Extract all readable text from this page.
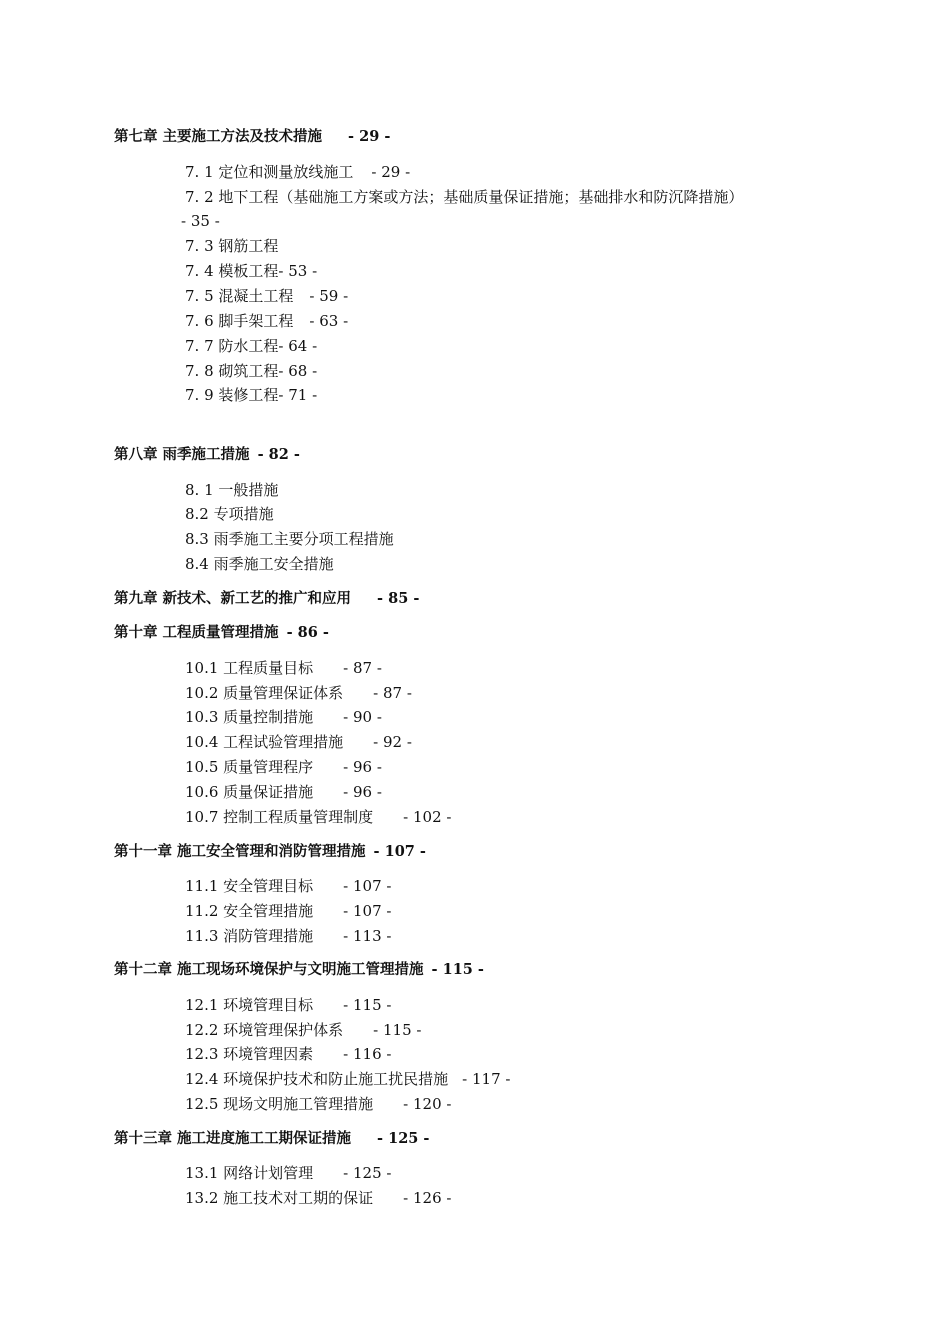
第七章 主要施工方法及技术措施 - 29 -
7. 1 定位和测量放线施工 - 29 -
7. 2 地下工程（基础施工方案或方法；基础质量保证措施；基础排水和防沉降措施）
- 35 -
7. 3 钢筋工程
7. 4 模板工程- 53 -
7. 5 混凝土工程 - 59 -
7. 6 脚手架工程 - 63 -
7. 7 防水工程- 64 -
7. 8 砌筑工程- 68 -
7. 9 装修工程- 71 -
第八章 雨季施工措施 - 82 -
8. 1 一般措施
8.2 专项措施
8.3 雨季施工主要分项工程措施
8.4 雨季施工安全措施
第九章 新技术、新工艺的推广和应用 - 85 -
第十章 工程质量管理措施 - 86 -
10.1 工程质量目标 - 87 -
10.2 质量管理保证体系 - 87 -
10.3 质量控制措施 - 90 -
10.4 工程试验管理措施 - 92 -
10.5 质量管理程序 - 96 -
10.6 质量保证措施 - 96 -
10.7 控制工程质量管理制度 - 102 -
第十一章 施工安全管理和消防管理措施 - 107 -
11.1 安全管理目标 - 107 -
11.2 安全管理措施 - 107 -
11.3 消防管理措施 - 113 -
第十二章 施工现场环境保护与文明施工管理措施 - 115 -
12.1 环境管理目标 - 115 -
12.2 环境管理保护体系 - 115 -
12.3 环境管理因素 - 116 -
12.4 环境保护技术和防止施工扰民措施 - 117 -
12.5 现场文明施工管理措施 - 120 -
第十三章 施工进度施工工期保证措施 - 125 -
13.1 网络计划管理 - 125 -
13.2 施工技术对工期的保证 - 126 -
